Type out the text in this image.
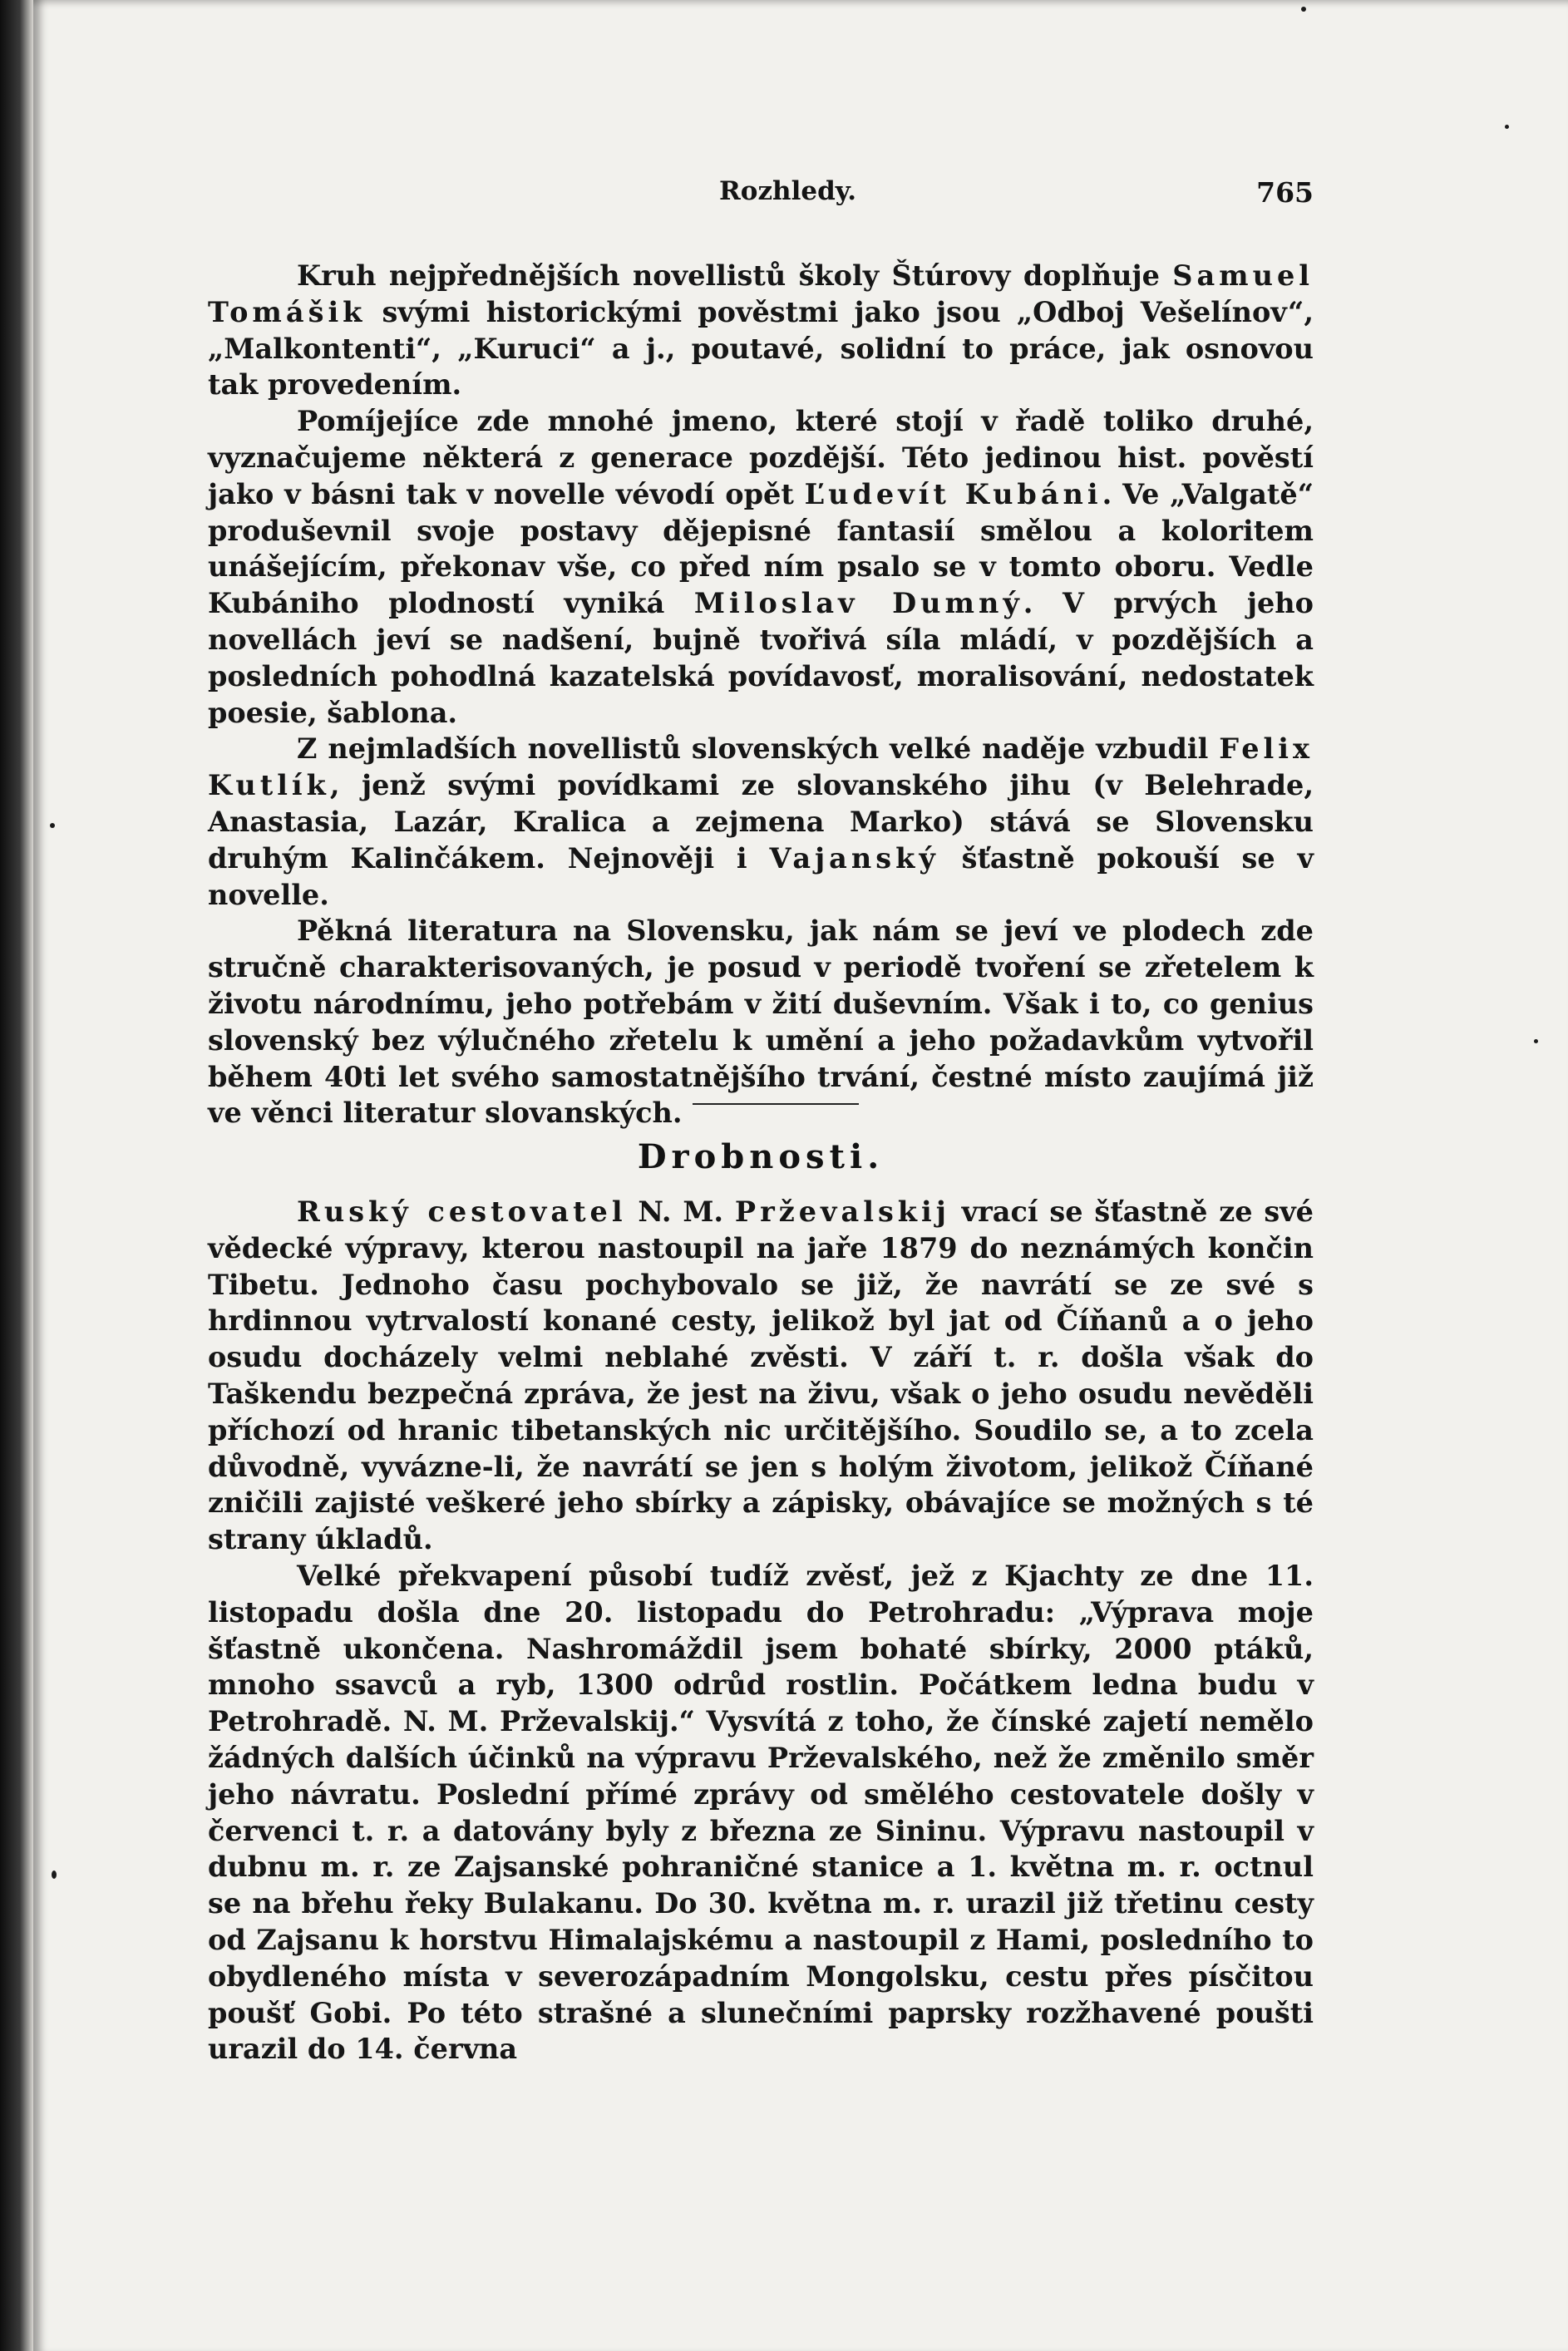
Rozhledy.	765

Kruh nejpřednějších novellistů školy Štúrovy doplňuje Samuel Tomášik svými historickými pověstmi jako jsou „Odboj Vešelínov“, „Malkontenti“, „Kuruci“ a j., poutavé, solidní to práce, jak osnovou tak provedením.

Pomíjejíce zde mnohé jmeno, které stojí v řadě toliko druhé, vyznačujeme některá z generace pozdější. Této jedinou hist. pověstí jako v básni tak v novelle vévodí opět Ľudevít Kubáni. Ve „Valgatě“ produševnil svoje postavy dějepisné fantasií smělou a koloritem unášejícím, překonav vše, co před ním psalo se v tomto oboru. Vedle Kubániho plodností vyniká Miloslav Dumný. V prvých jeho novellách jeví se nadšení, bujně tvořivá síla mládí, v pozdějších a posledních pohodlná kazatelská povídavosť, moralisování, nedostatek poesie, šablona.

Z nejmladších novellistů slovenských velké naděje vzbudil Felix Kutlík, jenž svými povídkami ze slovanského jihu (v Belehrade, Anastasia, Lazár, Kralica a zejmena Marko) stává se Slovensku druhým Kalinčákem. Nejnověji i Vajanský šťastně pokouší se v novelle.

Pěkná literatura na Slovensku, jak nám se jeví ve plodech zde stručně charakterisovaných, je posud v periodě tvoření se zřetelem k životu národnímu, jeho potřebám v žití duševním. Však i to, co genius slovenský bez výlučného zřetelu k umění a jeho požadavkům vytvořil během 40ti let svého samostatnějšího trvání, čestné místo zaujímá již ve věnci literatur slovanských.

Drobnosti.

Ruský cestovatel N. M. Prževalskij vrací se šťastně ze své vědecké výpravy, kterou nastoupil na jaře 1879 do neznámých končin Tibetu. Jednoho času pochybovalo se již, že navrátí se ze své s hrdinnou vytrvalostí konané cesty, jelikož byl jat od Číňanů a o jeho osudu docházely velmi neblahé zvěsti. V září t. r. došla však do Taškendu bezpečná zpráva, že jest na živu, však o jeho osudu nevěděli příchozí od hranic tibetanských nic určitějšího. Soudilo se, a to zcela důvodně, vyvázne-li, že navrátí se jen s holým životom, jelikož Číňané zničili zajisté veškeré jeho sbírky a zápisky, obávajíce se možných s té strany úkladů.

Velké překvapení působí tudíž zvěsť, jež z Kjachty ze dne 11. listopadu došla dne 20. listopadu do Petrohradu: „Výprava moje šťastně ukončena. Nashromáždil jsem bohaté sbírky, 2000 ptáků, mnoho ssavců a ryb, 1300 odrůd rostlin. Počátkem ledna budu v Petrohradě. N. M. Prževalskij.“ Vysvítá z toho, že čínské zajetí nemělo žádných dalších účinků na výpravu Prževalského, než že změnilo směr jeho návratu. Poslední přímé zprávy od smělého cestovatele došly v červenci t. r. a datovány byly z března ze Sininu. Výpravu nastoupil v dubnu m. r. ze Zajsanské pohraničné stanice a 1. května m. r. octnul se na břehu řeky Bulakanu. Do 30. května m. r. urazil již třetinu cesty od Zajsanu k horstvu Himalajskému a nastoupil z Hami, posledního to obydleného místa v severozápadním Mongolsku, cestu přes písčitou poušť Gobi. Po této strašné a slunečními paprsky rozžhavené poušti urazil do 14. června
